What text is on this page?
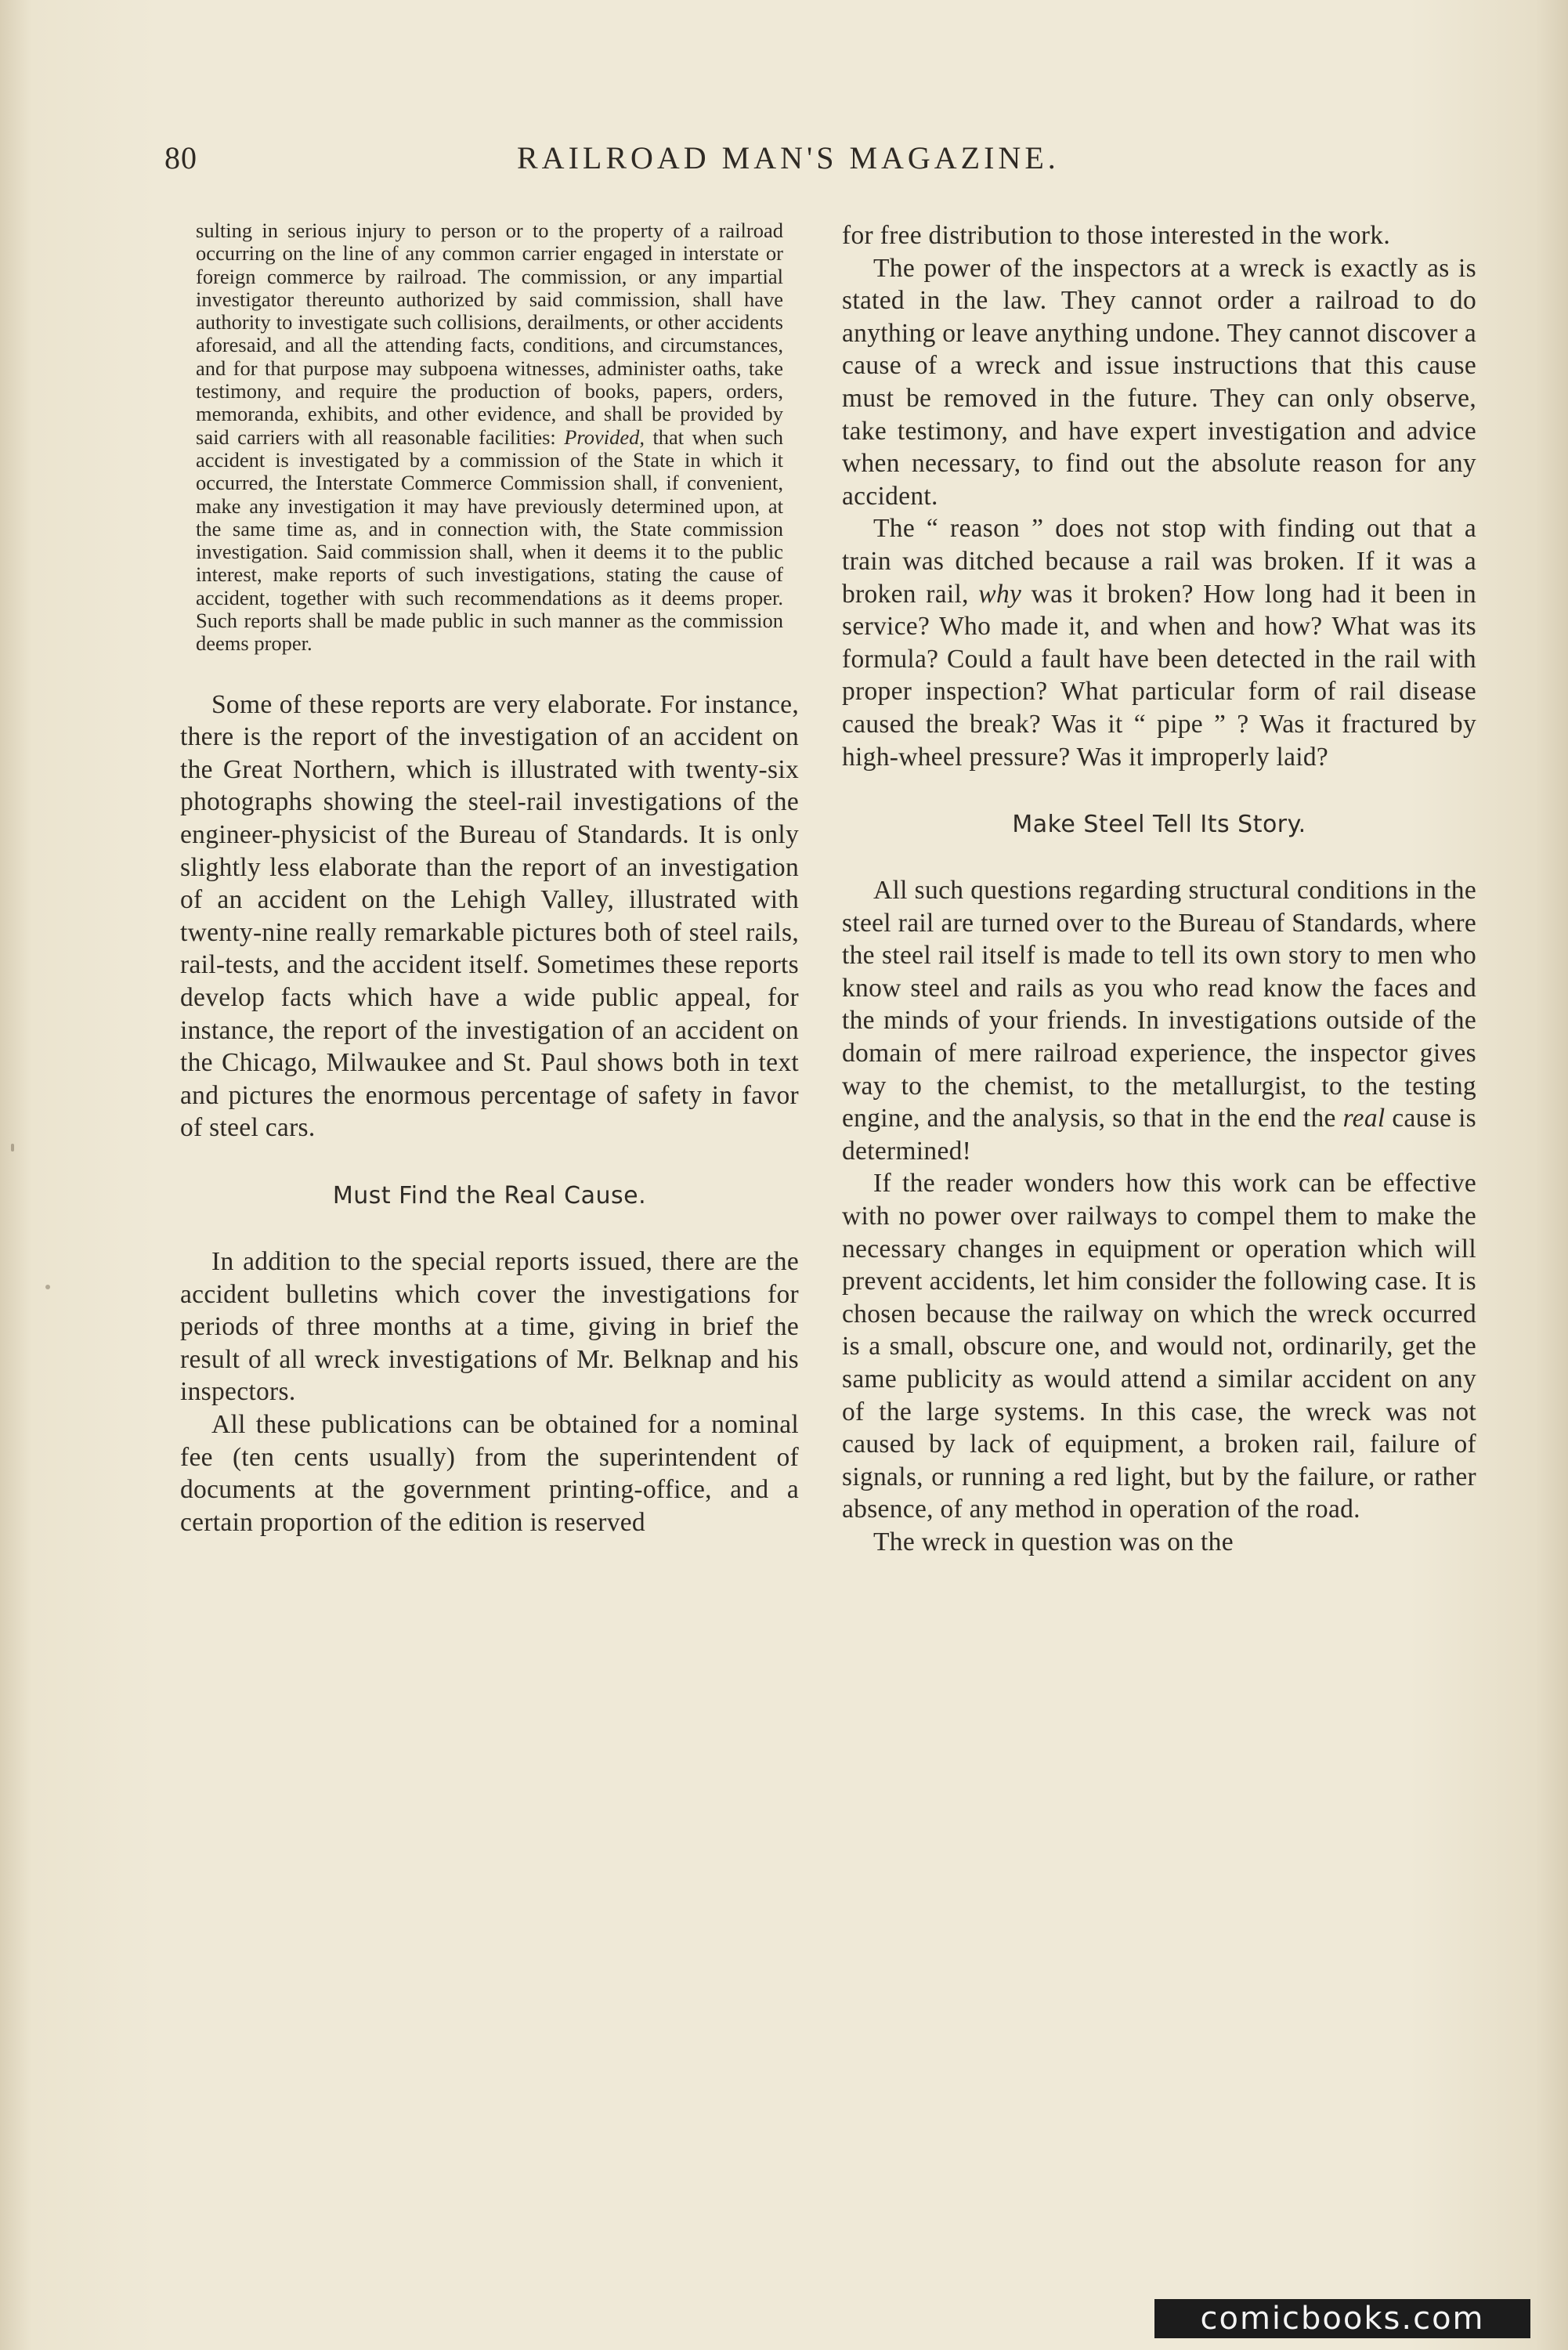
80	RAILROAD MAN'S MAGAZINE.

sulting in serious injury to person or to the property of a railroad occurring on the line of any common carrier engaged in interstate or foreign commerce by railroad. The commission, or any impartial investigator thereunto authorized by said commission, shall have authority to investigate such collisions, derailments, or other accidents aforesaid, and all the attending facts, conditions, and circumstances, and for that purpose may subpoena witnesses, administer oaths, take testimony, and require the production of books, papers, orders, memoranda, exhibits, and other evidence, and shall be provided by said carriers with all reasonable facilities: Provided, that when such accident is investigated by a commission of the State in which it occurred, the Interstate Commerce Commission shall, if convenient, make any investigation it may have previously determined upon, at the same time as, and in connection with, the State commission investigation. Said commission shall, when it deems it to the public interest, make reports of such investigations, stating the cause of accident, together with such recommendations as it deems proper. Such reports shall be made public in such manner as the commission deems proper.

Some of these reports are very elaborate. For instance, there is the report of the investigation of an accident on the Great Northern, which is illustrated with twenty-six photographs showing the steel-rail investigations of the engineer-physicist of the Bureau of Standards. It is only slightly less elaborate than the report of an investigation of an accident on the Lehigh Valley, illustrated with twenty-nine really remarkable pictures both of steel rails, rail-tests, and the accident itself. Sometimes these reports develop facts which have a wide public appeal, for instance, the report of the investigation of an accident on the Chicago, Milwaukee and St. Paul shows both in text and pictures the enormous percentage of safety in favor of steel cars.

Must Find the Real Cause.

In addition to the special reports issued, there are the accident bulletins which cover the investigations for periods of three months at a time, giving in brief the result of all wreck investigations of Mr. Belknap and his inspectors.

All these publications can be obtained for a nominal fee (ten cents usually) from the superintendent of documents at the government printing-office, and a certain proportion of the edition is reserved

for free distribution to those interested in the work.

The power of the inspectors at a wreck is exactly as is stated in the law. They cannot order a railroad to do anything or leave anything undone. They cannot discover a cause of a wreck and issue instructions that this cause must be removed in the future. They can only observe, take testimony, and have expert investigation and advice when necessary, to find out the absolute reason for any accident.

The “ reason ” does not stop with finding out that a train was ditched because a rail was broken. If it was a broken rail, why was it broken? How long had it been in service? Who made it, and when and how? What was its formula? Could a fault have been detected in the rail with proper inspection? What particular form of rail disease caused the break? Was it “ pipe ” ? Was it fractured by high-wheel pressure? Was it improperly laid?

Make Steel Tell Its Story.

All such questions regarding structural conditions in the steel rail are turned over to the Bureau of Standards, where the steel rail itself is made to tell its own story to men who know steel and rails as you who read know the faces and the minds of your friends. In investigations outside of the domain of mere railroad experience, the inspector gives way to the chemist, to the metallurgist, to the testing engine, and the analysis, so that in the end the real cause is determined!

If the reader wonders how this work can be effective with no power over railways to compel them to make the necessary changes in equipment or operation which will prevent accidents, let him consider the following case. It is chosen because the railway on which the wreck occurred is a small, obscure one, and would not, ordinarily, get the same publicity as would attend a similar accident on any of the large systems. In this case, the wreck was not caused by lack of equipment, a broken rail, failure of signals, or running a red light, but by the failure, or rather absence, of any method in operation of the road.

The wreck in question was on the

comicbooks.com
